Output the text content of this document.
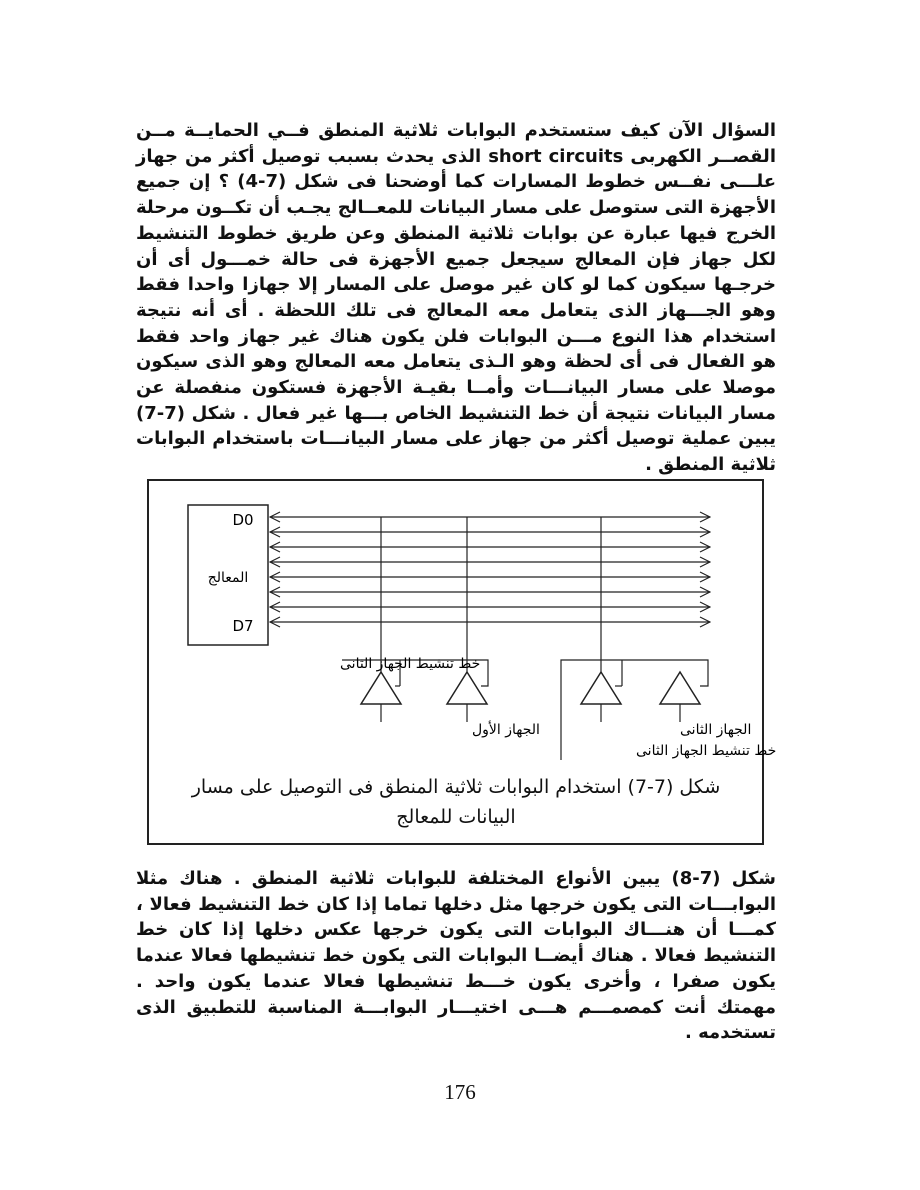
السؤال الآن كيف ستستخدم البوابات ثلاثية المنطق فــي الحمايــة مــن القصــر الكهربى short circuits الذى يحدث بسبب توصيل أكثر من جهاز علـــى نفــس خطوط المسارات كما أوضحنا فى شكل (7-4) ؟ إن جميع الأجهزة التى ستوصل على مسار البيانات للمعــالج يجـب أن تكــون مرحلة الخرج فيها عبارة عن بوابات ثلاثية المنطق وعن طريق خطوط التنشيط لكل جهاز فإن المعالج سيجعل جميع الأجهزة فى حالة خمـــول أى أن خرجـها سيكون كما لو كان غير موصل على المسار إلا جهازا واحدا فقط وهو الجـــهاز الذى يتعامل معه المعالج فى تلك اللحظة . أى أنه نتيجة استخدام هذا النوع مـــن البوابات فلن يكون هناك غير جهاز واحد فقط هو الفعال فى أى لحظة وهو الـذى يتعامل معه المعالج وهو الذى سيكون موصلا على مسار البيانـــات وأمــا بقيـة الأجهزة فستكون منفصلة عن مسار البيانات نتيجة أن خط التنشيط الخاص بـــها غير فعال . شكل (7-7) يبين عملية توصيل أكثر من جهاز على مسار البيانـــات باستخدام البوابات ثلاثية المنطق .

D0
المعالج
D7
خط تنشيط الجهاز الثانى
الجهاز الأول	الجهاز الثانى
خط تنشيط الجهاز الثانى

شكل (7-7) استخدام البوابات ثلاثية المنطق فى التوصيل على مسار البيانات للمعالج

شكل (7-8) يبين الأنواع المختلفة للبوابات ثلاثية المنطق . هناك مثلا البوابـــات التى يكون خرجها مثل دخلها تماما إذا كان خط التنشيط فعالا ، كمـــا أن هنـــاك البوابات التى يكون خرجها عكس دخلها إذا كان خط التنشيط فعالا . هناك أيضــا البوابات التى يكون خط تنشيطها فعالا عندما يكون صفرا ، وأخرى يكون خـــط تنشيطها فعالا عندما يكون واحد . مهمتك أنت كمصمـــم هـــى اختيـــار البوابـــة المناسبة للتطبيق الذى تستخدمه .

176
